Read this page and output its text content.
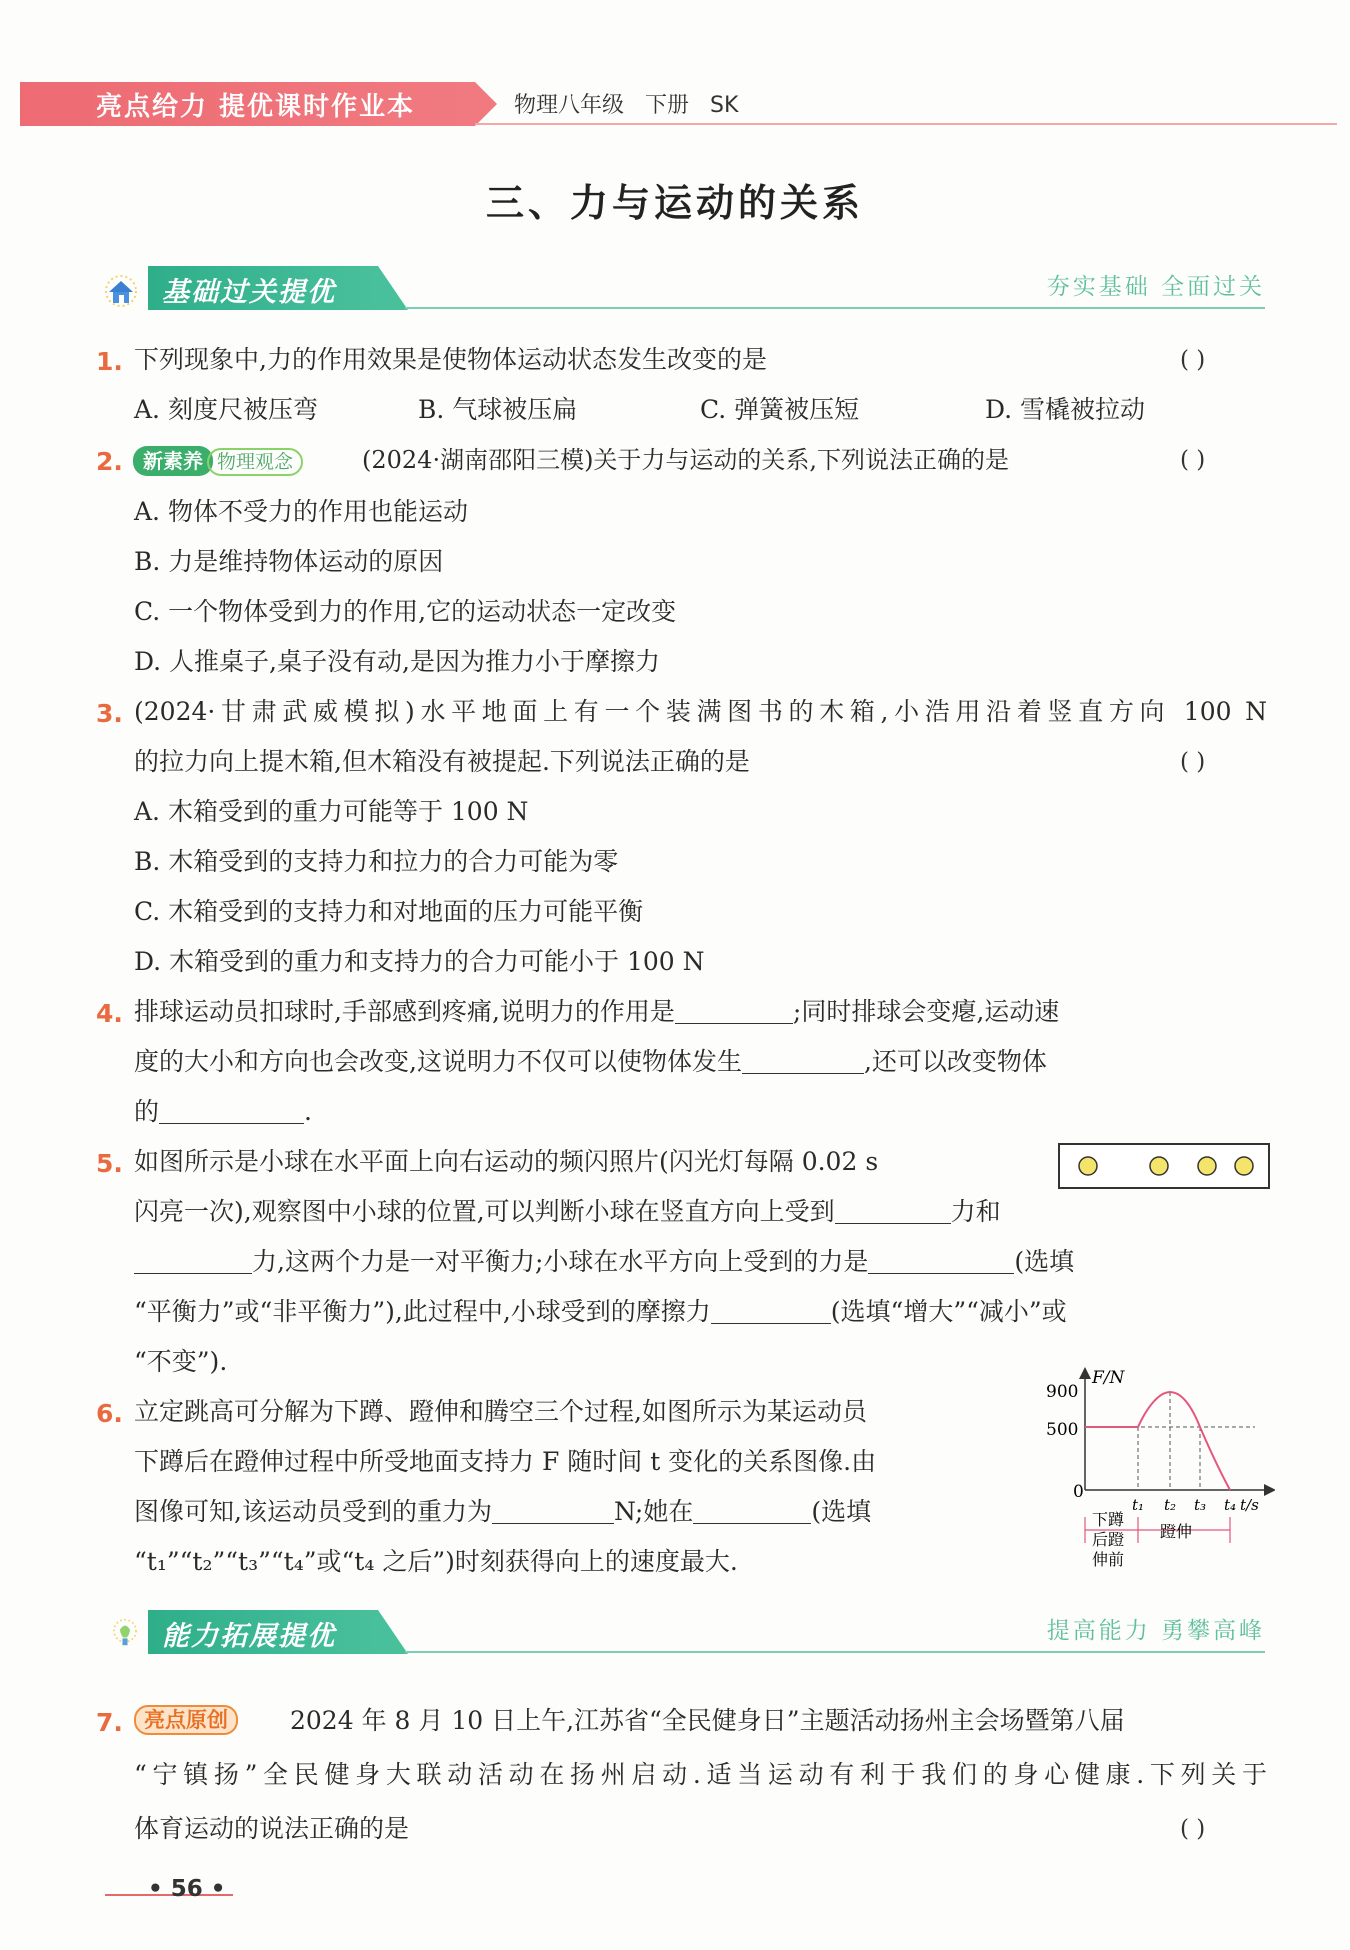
亮点给力 提优课时作业本	物理八年级 下册 SK
三、力与运动的关系
基础过关提优	夯实基础 全面过关
1. 下列现象中,力的作用效果是使物体运动状态发生改变的是	( )
A. 刻度尺被压弯	B. 气球被压扁	C. 弹簧被压短	D. 雪橇被拉动
2.	新素养 物理观念	(2024·湖南邵阳三模)关于力与运动的关系,下列说法正确的是	( )
A. 物体不受力的作用也能运动
B. 力是维持物体运动的原因
C. 一个物体受到力的作用,它的运动状态一定改变
D. 人推桌子,桌子没有动,是因为推力小于摩擦力
3. (2024·甘肃武威模拟)水平地面上有一个装满图书的木箱,小浩用沿着竖直方向 100 N
的拉力向上提木箱,但木箱没有被提起.下列说法正确的是	( )
A. 木箱受到的重力可能等于 100 N
B. 木箱受到的支持力和拉力的合力可能为零
C. 木箱受到的支持力和对地面的压力可能平衡
D. 木箱受到的重力和支持力的合力可能小于 100 N
4. 排球运动员扣球时,手部感到疼痛,说明力的作用是	;同时排球会变瘪,运动速
度的大小和方向也会改变,这说明力不仅可以使物体发生	,还可以改变物体
的	.
5. 如图所示是小球在水平面上向右运动的频闪照片(闪光灯每隔 0.02 s
闪亮一次),观察图中小球的位置,可以判断小球在竖直方向上受到	力和
力,这两个力是一对平衡力;小球在水平方向上受到的力是	(选填
“平衡力”或“非平衡力”),此过程中,小球受到的摩擦力	(选填“增大”“减小”或
“不变”).
6. 立定跳高可分解为下蹲、蹬伸和腾空三个过程,如图所示为某运动员
下蹲后在蹬伸过程中所受地面支持力 F 随时间 t 变化的关系图像.由
图像可知,该运动员受到的重力为	N;她在	(选填
“t₁”“t₂”“t₃”“t₄”或“t₄ 之后”)时刻获得向上的速度最大.
F/N
900
500
0
t₁ t₂ t₃ t₄ t/s
下蹲
后蹬
伸前
蹬伸
能力拓展提优	提高能力 勇攀高峰
7.	亮点原创	2024 年 8 月 10 日上午,江苏省“全民健身日”主题活动扬州主会场暨第八届
“宁镇扬”全民健身大联动活动在扬州启动.适当运动有利于我们的身心健康.下列关于
体育运动的说法正确的是	( )
• 56 •
